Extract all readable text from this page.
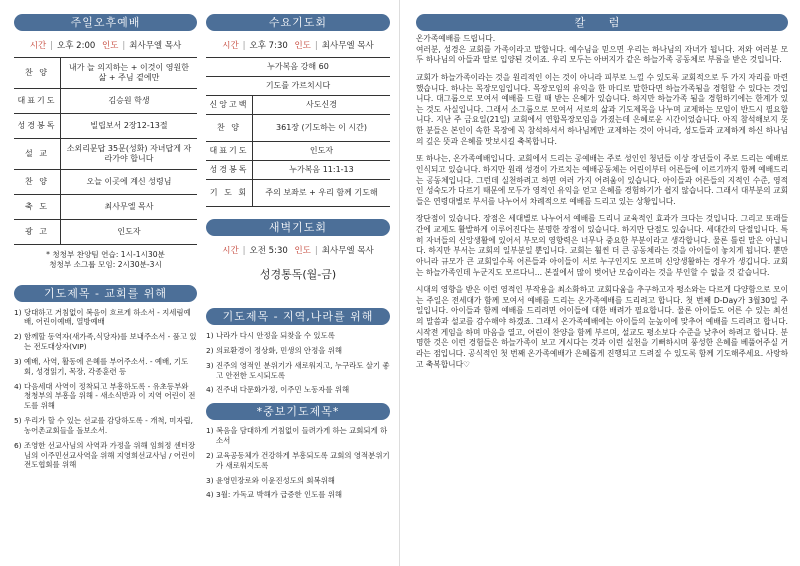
주일오후예배
시간 | 오후 2:00 인도 | 최사무엘 목사
찬 양	내가 늘 의지하는 + 이것이 영원한 삶 + 주님 곁에만
대표기도	김승원 학생
성경봉독	빌립보서 2장12-13절
설 교	소외리문답 35문(성화) 자녀답게 자라가야 합니다
찬 양	오늘 이곳에 계신 성령님
축 도	최사무엘 목사
광 고	인도자
* 청청부 찬양팀 연습: 1시-1시30분
청청부 소그룹 모임: 2시30분-3시
기도제목 - 교회를 위해
1) 당대하고 거침없이 복음이 흐르게 하소서 - 지세림예배, 어린이예배, 열방예배
2) 함께할 동역자(새가족,식당자)를 보내주소서 - 품고 있는 전도대상자(VIP)
3) 예배, 사역, 활동에 은혜를 부어주소서. - 예배, 기도회, 성경읽기, 목장, 각종훈련 등
4) 다음세대 사역이 정착되고 부흥하도록 - 유초등부와 청청부의 부흥을 위해 - 새소식반과 이 지역 어린이 전도를 위해
5) 우리가 할 수 있는 선교를 감당하도록 - 개척, 미자립, 농어촌교회들을 돌보소서.
6) 조영한 선교사님의 사역과 가정을 위해 임희정 센터장님의 이주민선교사역을 위해 지영희선교사님 / 어린이전도협회를 위해
수요기도회
시간 | 오후 7:30 인도 | 최사무엘 목사
누가복음 강해 60	
기도를 가르치시다	
신앙고백	사도신경
찬 양	361장 (기도하는 이 시간)
대표기도	인도자
성경봉독	누가복음 11:1-13
기 도 회	주의 보좌로 + 우리 함께 기도해
새벽기도회
시간 | 오전 5:30 인도 | 최사무엘 목사
성경통독(월-금)
기도제목 - 지역,나라를 위해
1) 나라가 다시 안정을 되찾을 수 있도록
2) 의료환경이 정상화, 민생의 안정을 위해
3) 진주의 영적인 분위기가 새로워지고, 누구라도 살기 좋고 안전한 도시되도록
4) 진주내 다문화가정, 이주민 노동자를 위해
*중보기도제목*
1) 복음을 담대하게 거침없이 들려가게 하는 교회되게 하소서
2) 교육공동체가 건강하게 부흥되도록 교회의 영적분위기가 새로워지도록
3) 윤영민장로와 이윤진성도의 회복위해
4) 3월: 가독교 박해가 급증한 인도를 위해
칼 럼

온가족예배를 드립니다.
여러분, 성경은 교회를 가족이라고 말합니다. 예수님을 믿으면 우리는 하나님의 자녀가 됩니다. 저와 여러분 모두 하나님의 아들과 딸로 입양된 것이죠. 우리 모두는 아버지가 같은 하늘가족 공동체로 부름을 받은 것입니다.

교회가 하늘가족이라는 것을 원리적인 이는 것이 아니라 피부로 느낄 수 있도록 교회적으로 두 가지 자리를 마련했습니다. 하나는 목장모임입니다. 목장모임의 유익을 한 마디로 말한다면 하늘가족됨을 경험할 수 있다는 것입니다. 대그룹으로 모여서 예배를 드릴 때 받는 은혜가 있습니다. 하지만 하늘가족 됨을 경험하기에는 한계가 있는 것도 사실입니다. 그래서 소그룹으로 모여서 서로의 삶과 기도제목을 나누며 교제하는 모임이 반드시 필요합니다. 지난 주 금요일(21일) 교회에서 연합목장모임을 가졌는데 은혜로운 시간이었습니다. 아직 참석해보지 못한 분들은 본인이 속한 목장에 꼭 참석하셔서 하나님께만 교제하는 것이 아니라, 성도들과 교제하게 하신 하나님의 깊은 뜻과 은혜를 맛보시길 축복합니다.

또 하나는, 온가족예배입니다. 교회에서 드리는 공예배는 주로 성인인 청년들 이상 장년들이 주로 드리는 예배로 인식되고 있습니다. 하지만 원래 성경이 가르치는 예배공동체는 어린이부터 어른들에 이르기까지 함께 예배드리는 공동체입니다. 그런데 실천하려고 하면 여러 가지 어려움이 있습니다. 아이들과 어른들의 지적인 수준, 영적인 성숙도가 다르기 때문에 모두가 영적인 유익을 얻고 은혜를 경험하기가 쉽지 않습니다. 그래서 대부분의 교회들은 연령대별로 부서를 나누어서 차례적으로 예배를 드리고 있는 상황입니다.

장단점이 있습니다. 장점은 세대별로 나누어서 예배를 드리니 교육적인 효과가 크다는 것입니다. 그리고 또래들 간에 교제도 활발하게 이루어진다는 분명한 장점이 있습니다. 하지만 단점도 있습니다. 세대간의 단절입니다. 특히 자녀들의 신앙생활에 있어서 부모의 영향력은 너무나 중요한 부분이라고 생각합니다. 물론 틀린 말은 아닙니다. 하지만 부서는 교회의 일부분일 뿐입니다. 교회는 훨씬 더 큰 공동체라는 것을 아이들이 놓치게 됩니다. 뿐만 아니라 규모가 큰 교회일수록 어른들과 아이들이 서로 누구인지도 모르며 신앙생활하는 경우가 생깁니다. 교회는 하늘가족인데 누군지도 모르다니... 본질에서 많이 벗어난 모습이라는 것을 부인할 수 없을 것 같습니다.

시대의 영향을 받은 이런 영적인 부작용을 최소화하고 교회다움을 추구하고자 평소와는 다르게 다양함으로 모이는 주일은 전세대가 함께 모여서 예배를 드리는 온가족예배를 드리려고 합니다. 첫 번째 D-Day가 3월30일 주일입니다. 아이들과 함께 예배를 드리려면 어이들에 대한 배려가 필요합니다. 물론 아이들도 어른 수 있는 최선의 말씀과 설교를 감수해야 하겠죠. 그래서 온가족예배에는 아이들의 눈높이에 맞추어 예배를 드리려고 합니다. 시작전 게임을 하며 마음을 열고, 어린이 찬양을 함께 부르며, 설교도 평소보다 수준을 낮추어 하려고 합니다. 분명한 것은 이런 경험들은 하늘가족이 보고 게시다는 것과 이런 실천을 기뻐하시며 풍성한 은혜를 베풀어주실 거라는 점입니다. 공식적인 첫 번째 온가족예배가 은혜롭게 진행되고 드려질 수 있도록 함께 기도해주세요. 사랑하고 축복합니다♡
